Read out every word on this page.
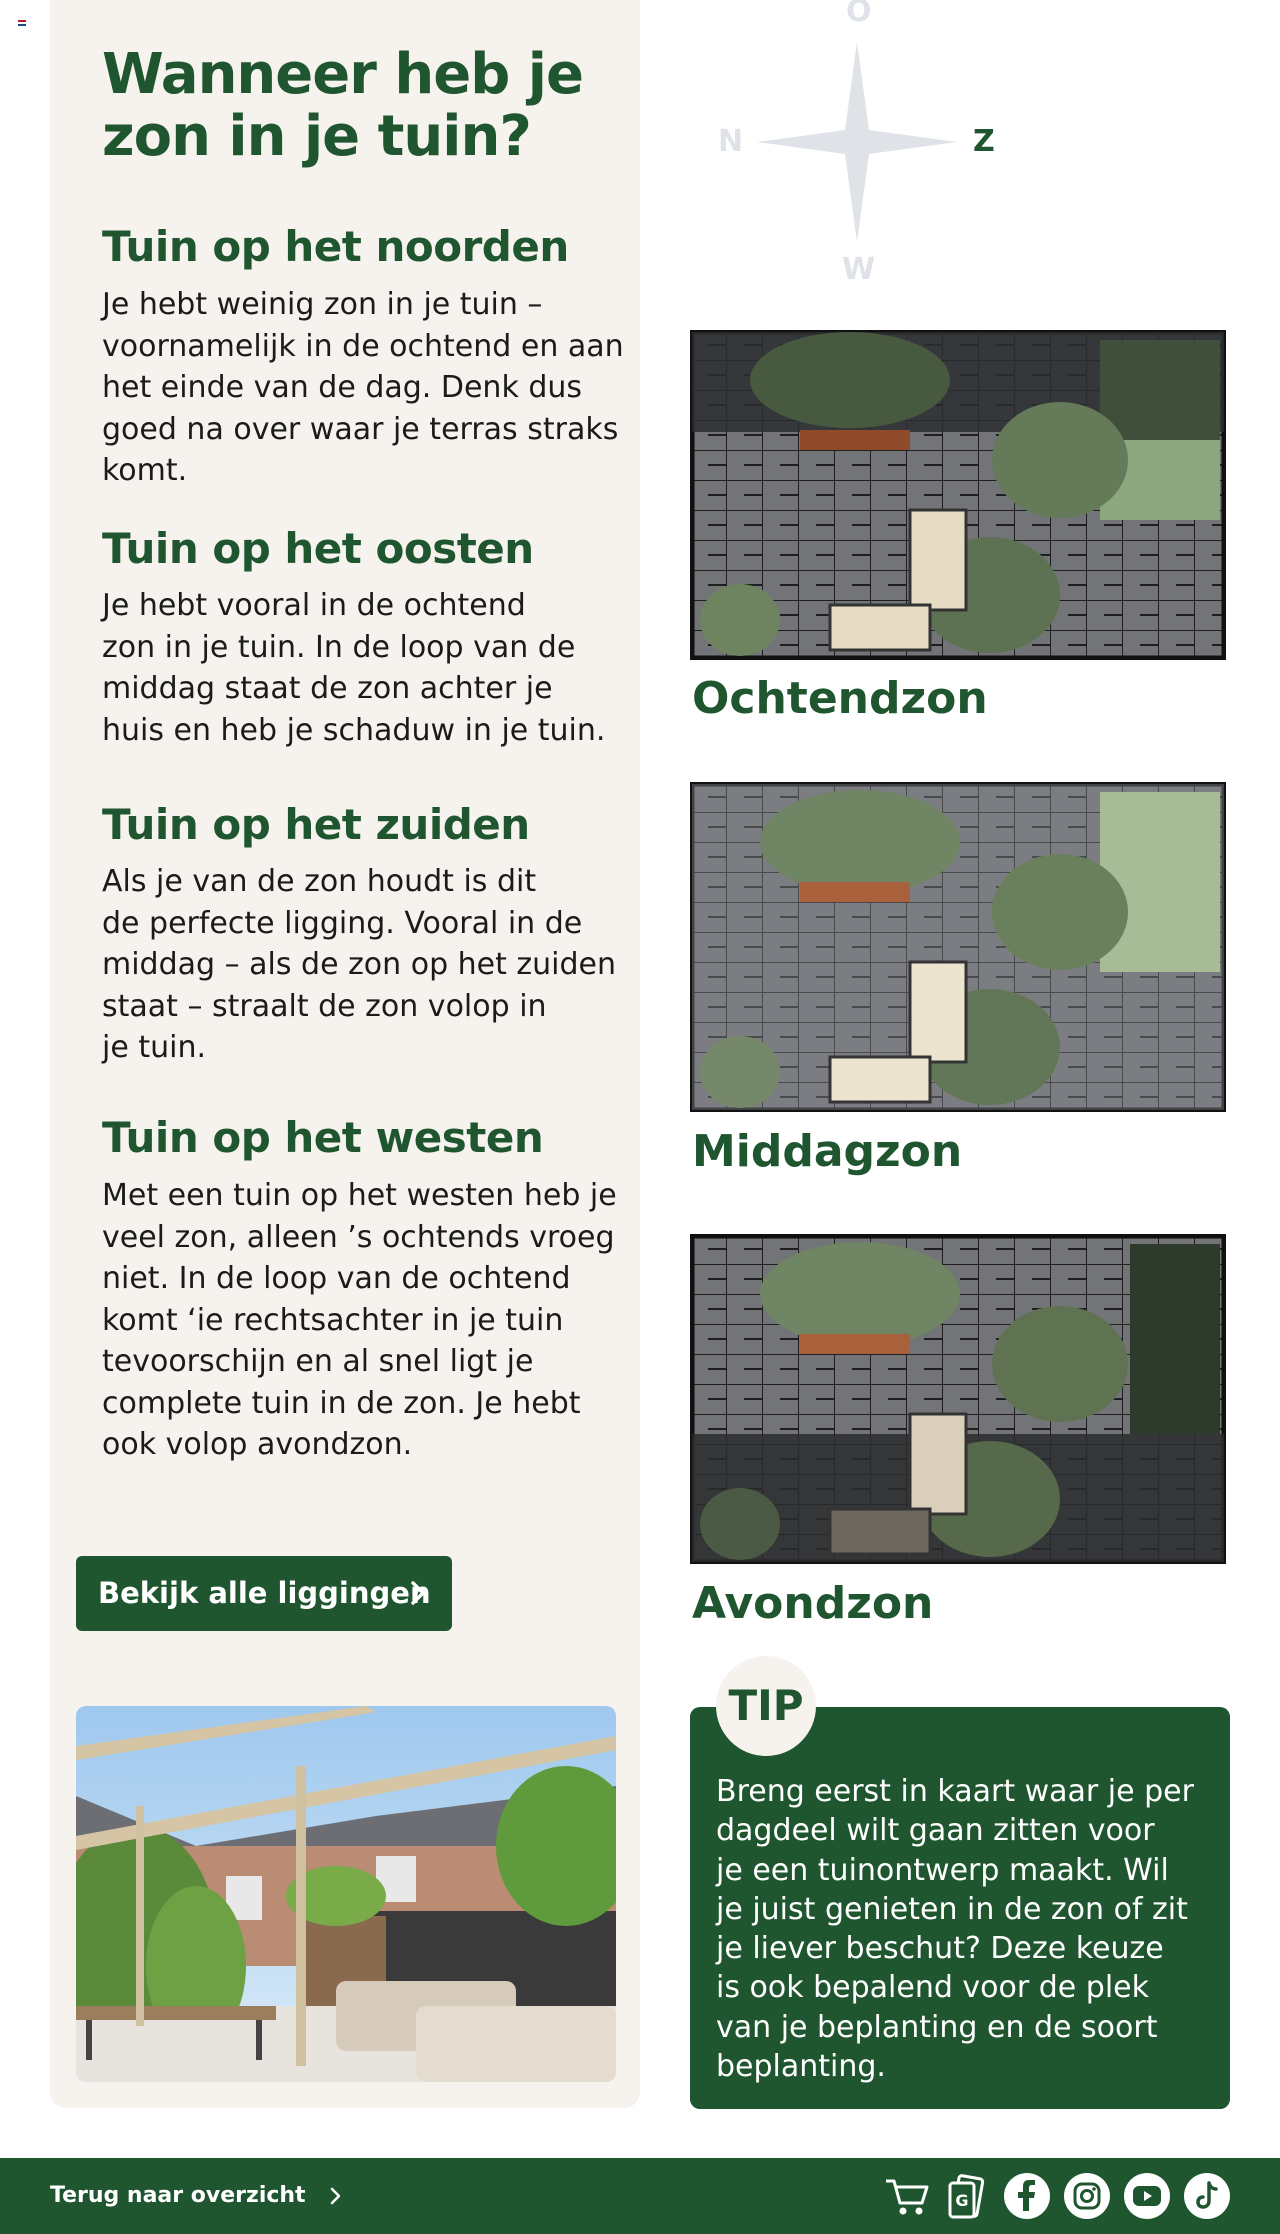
Wanneer heb je zon in je tuin?
Tuin op het noorden
Je hebt weinig zon in je tuin –
voornamelijk in de ochtend en aan
het einde van de dag. Denk dus
goed na over waar je terras straks
komt.
Tuin op het oosten
Je hebt vooral in de ochtend
zon in je tuin. In de loop van de
middag staat de zon achter je
huis en heb je schaduw in je tuin.
Tuin op het zuiden
Als je van de zon houdt is dit
de perfecte ligging. Vooral in de
middag – als de zon op het zuiden
staat – straalt de zon volop in
je tuin.
Tuin op het westen
Met een tuin op het westen heb je
veel zon, alleen ’s ochtends vroeg
niet. In de loop van de ochtend
komt ‘ie rechtsachter in je tuin
tevoorschijn en al snel ligt je
complete tuin in de zon. Je hebt
ook volop avondzon.
Bekijk alle liggingen
O
N	Z
W
Ochtendzon
Middagzon
Avondzon
TIP
Breng eerst in kaart waar je per
dagdeel wilt gaan zitten voor
je een tuinontwerp maakt. Wil
je juist genieten in de zon of zit
je liever beschut? Deze keuze
is ook bepalend voor de plek
van je beplanting en de soort
beplanting.
Terug naar overzicht	G
